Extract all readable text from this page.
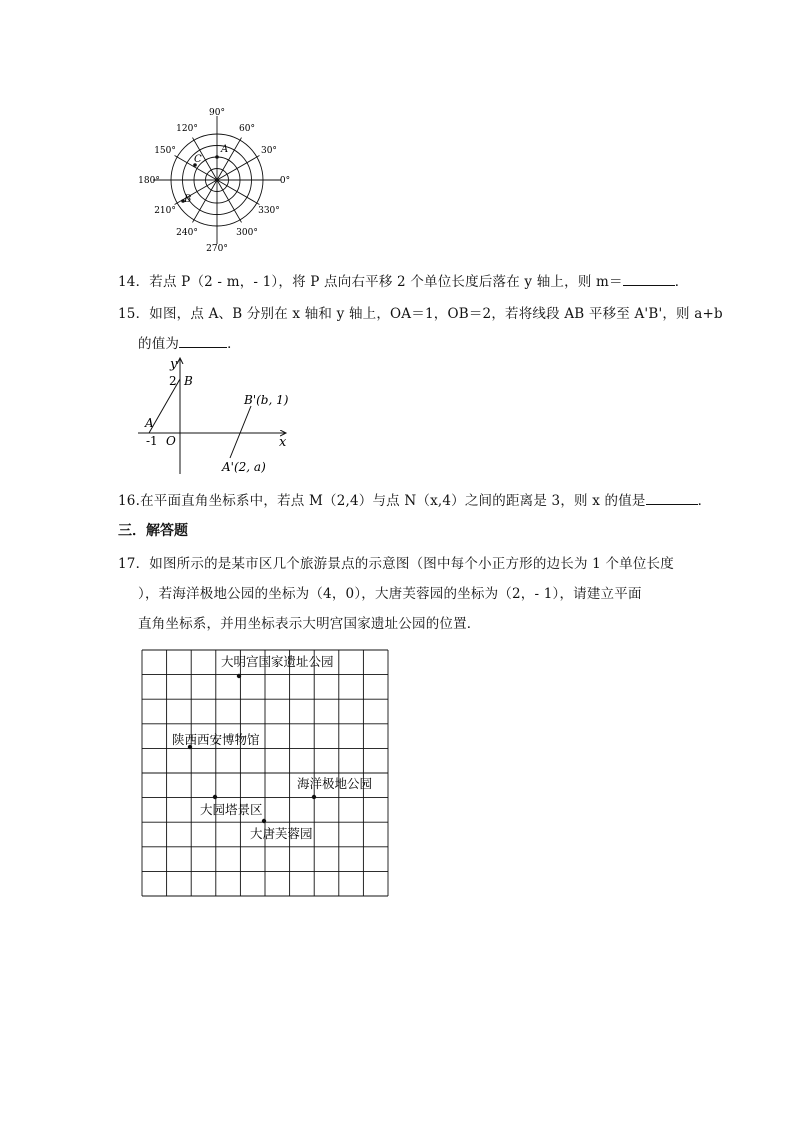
90°
60°
30°
0°
330°
300°
270°
240°
210°
180°
150°
120°
A
B
C
14．若点 P（2 - m，- 1），将 P 点向右平移 2 个单位长度后落在 y 轴上，则 m＝	．
15．如图，点 A、B 分别在 x 轴和 y 轴上，OA＝1，OB＝2，若将线段 AB 平移至 A'B'，则 a+b
的值为	．
y
x
O
2 B
A
-1
B'(b, 1)
A'(2, a)
16.在平面直角坐标系中，若点 M（2,4）与点 N（x,4）之间的距离是 3，则 x 的值是	．
三．解答题
17．如图所示的是某市区几个旅游景点的示意图（图中每个小正方形的边长为 1 个单位长度
），若海洋极地公园的坐标为（4，0），大唐芙蓉园的坐标为（2，- 1），请建立平面
直角坐标系，并用坐标表示大明宫国家遗址公园的位置．
大明宫国家遗址公园
陕西西安博物馆
海洋极地公园
大园塔景区
大唐芙蓉园
